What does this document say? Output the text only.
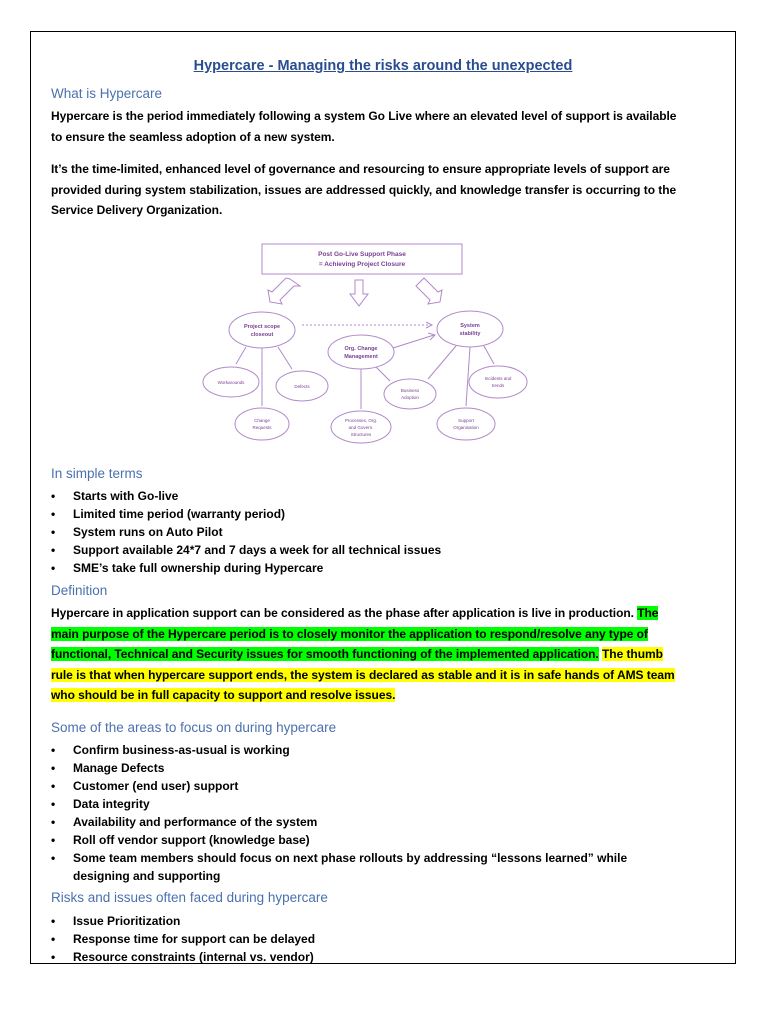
Hypercare - Managing the risks around the unexpected
What is Hypercare
Hypercare is the period immediately following a system Go Live where an elevated level of support is available to ensure the seamless adoption of a new system.
It’s the time-limited, enhanced level of governance and resourcing to ensure appropriate levels of support are provided during system stabilization, issues are addressed quickly, and knowledge transfer is occurring to the Service Delivery Organization.
Post Go-Live Support Phase
= Achieving Project Closure
Project scope
closeout
System
stability
Org. Change
Management
Workarounds
Defects
Change
Requests
Processes, Org.
and Govern.
Structures
Business
Adoption
Incidents and
trends
Support
Organisation
In simple terms
• Starts with Go-live
• Limited time period (warranty period)
• System runs on Auto Pilot
• Support available 24*7 and 7 days a week for all technical issues
• SME’s take full ownership during Hypercare
Definition
Hypercare in application support can be considered as the phase after application is live in production. The main purpose of the Hypercare period is to closely monitor the application to respond/resolve any type of functional, Technical and Security issues for smooth functioning of the implemented application. The thumb rule is that when hypercare support ends, the system is declared as stable and it is in safe hands of AMS team who should be in full capacity to support and resolve issues.
Some of the areas to focus on during hypercare
• Confirm business-as-usual is working
• Manage Defects
• Customer (end user) support
• Data integrity
• Availability and performance of the system
• Roll off vendor support (knowledge base)
• Some team members should focus on next phase rollouts by addressing “lessons learned” while designing and supporting
Risks and issues often faced during hypercare
• Issue Prioritization
• Response time for support can be delayed
• Resource constraints (internal vs. vendor)
